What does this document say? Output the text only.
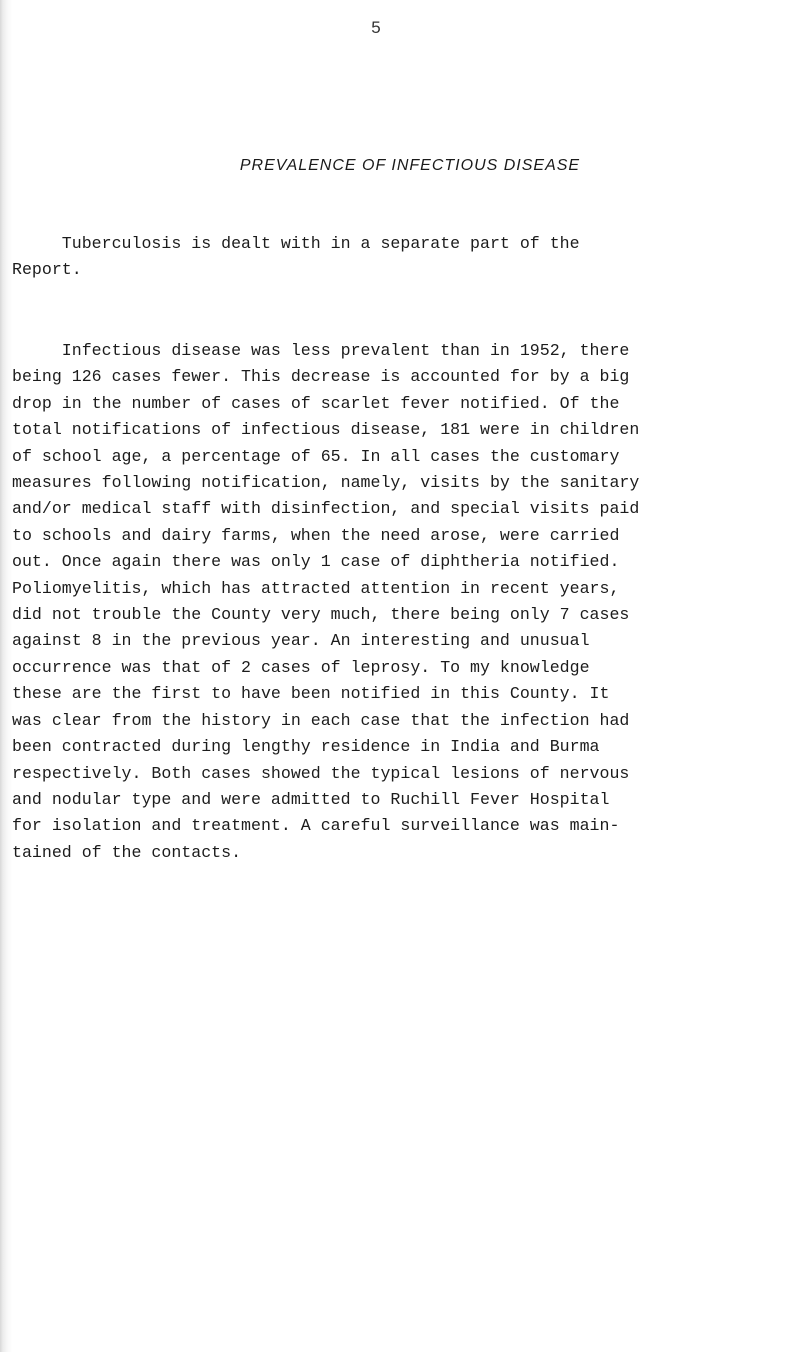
5
PREVALENCE OF INFECTIOUS DISEASE
Tuberculosis is dealt with in a separate part of the
Report.
Infectious disease was less prevalent than in 1952, there
being 126 cases fewer. This decrease is accounted for by a big
drop in the number of cases of scarlet fever notified. Of the
total notifications of infectious disease, 181 were in children
of school age, a percentage of 65. In all cases the customary
measures following notification, namely, visits by the sanitary
and/or medical staff with disinfection, and special visits paid
to schools and dairy farms, when the need arose, were carried
out. Once again there was only 1 case of diphtheria notified.
Poliomyelitis, which has attracted attention in recent years,
did not trouble the County very much, there being only 7 cases
against 8 in the previous year. An interesting and unusual
occurrence was that of 2 cases of leprosy. To my knowledge
these are the first to have been notified in this County. It
was clear from the history in each case that the infection had
been contracted during lengthy residence in India and Burma
respectively. Both cases showed the typical lesions of nervous
and nodular type and were admitted to Ruchill Fever Hospital
for isolation and treatment. A careful surveillance was main-
tained of the contacts.
